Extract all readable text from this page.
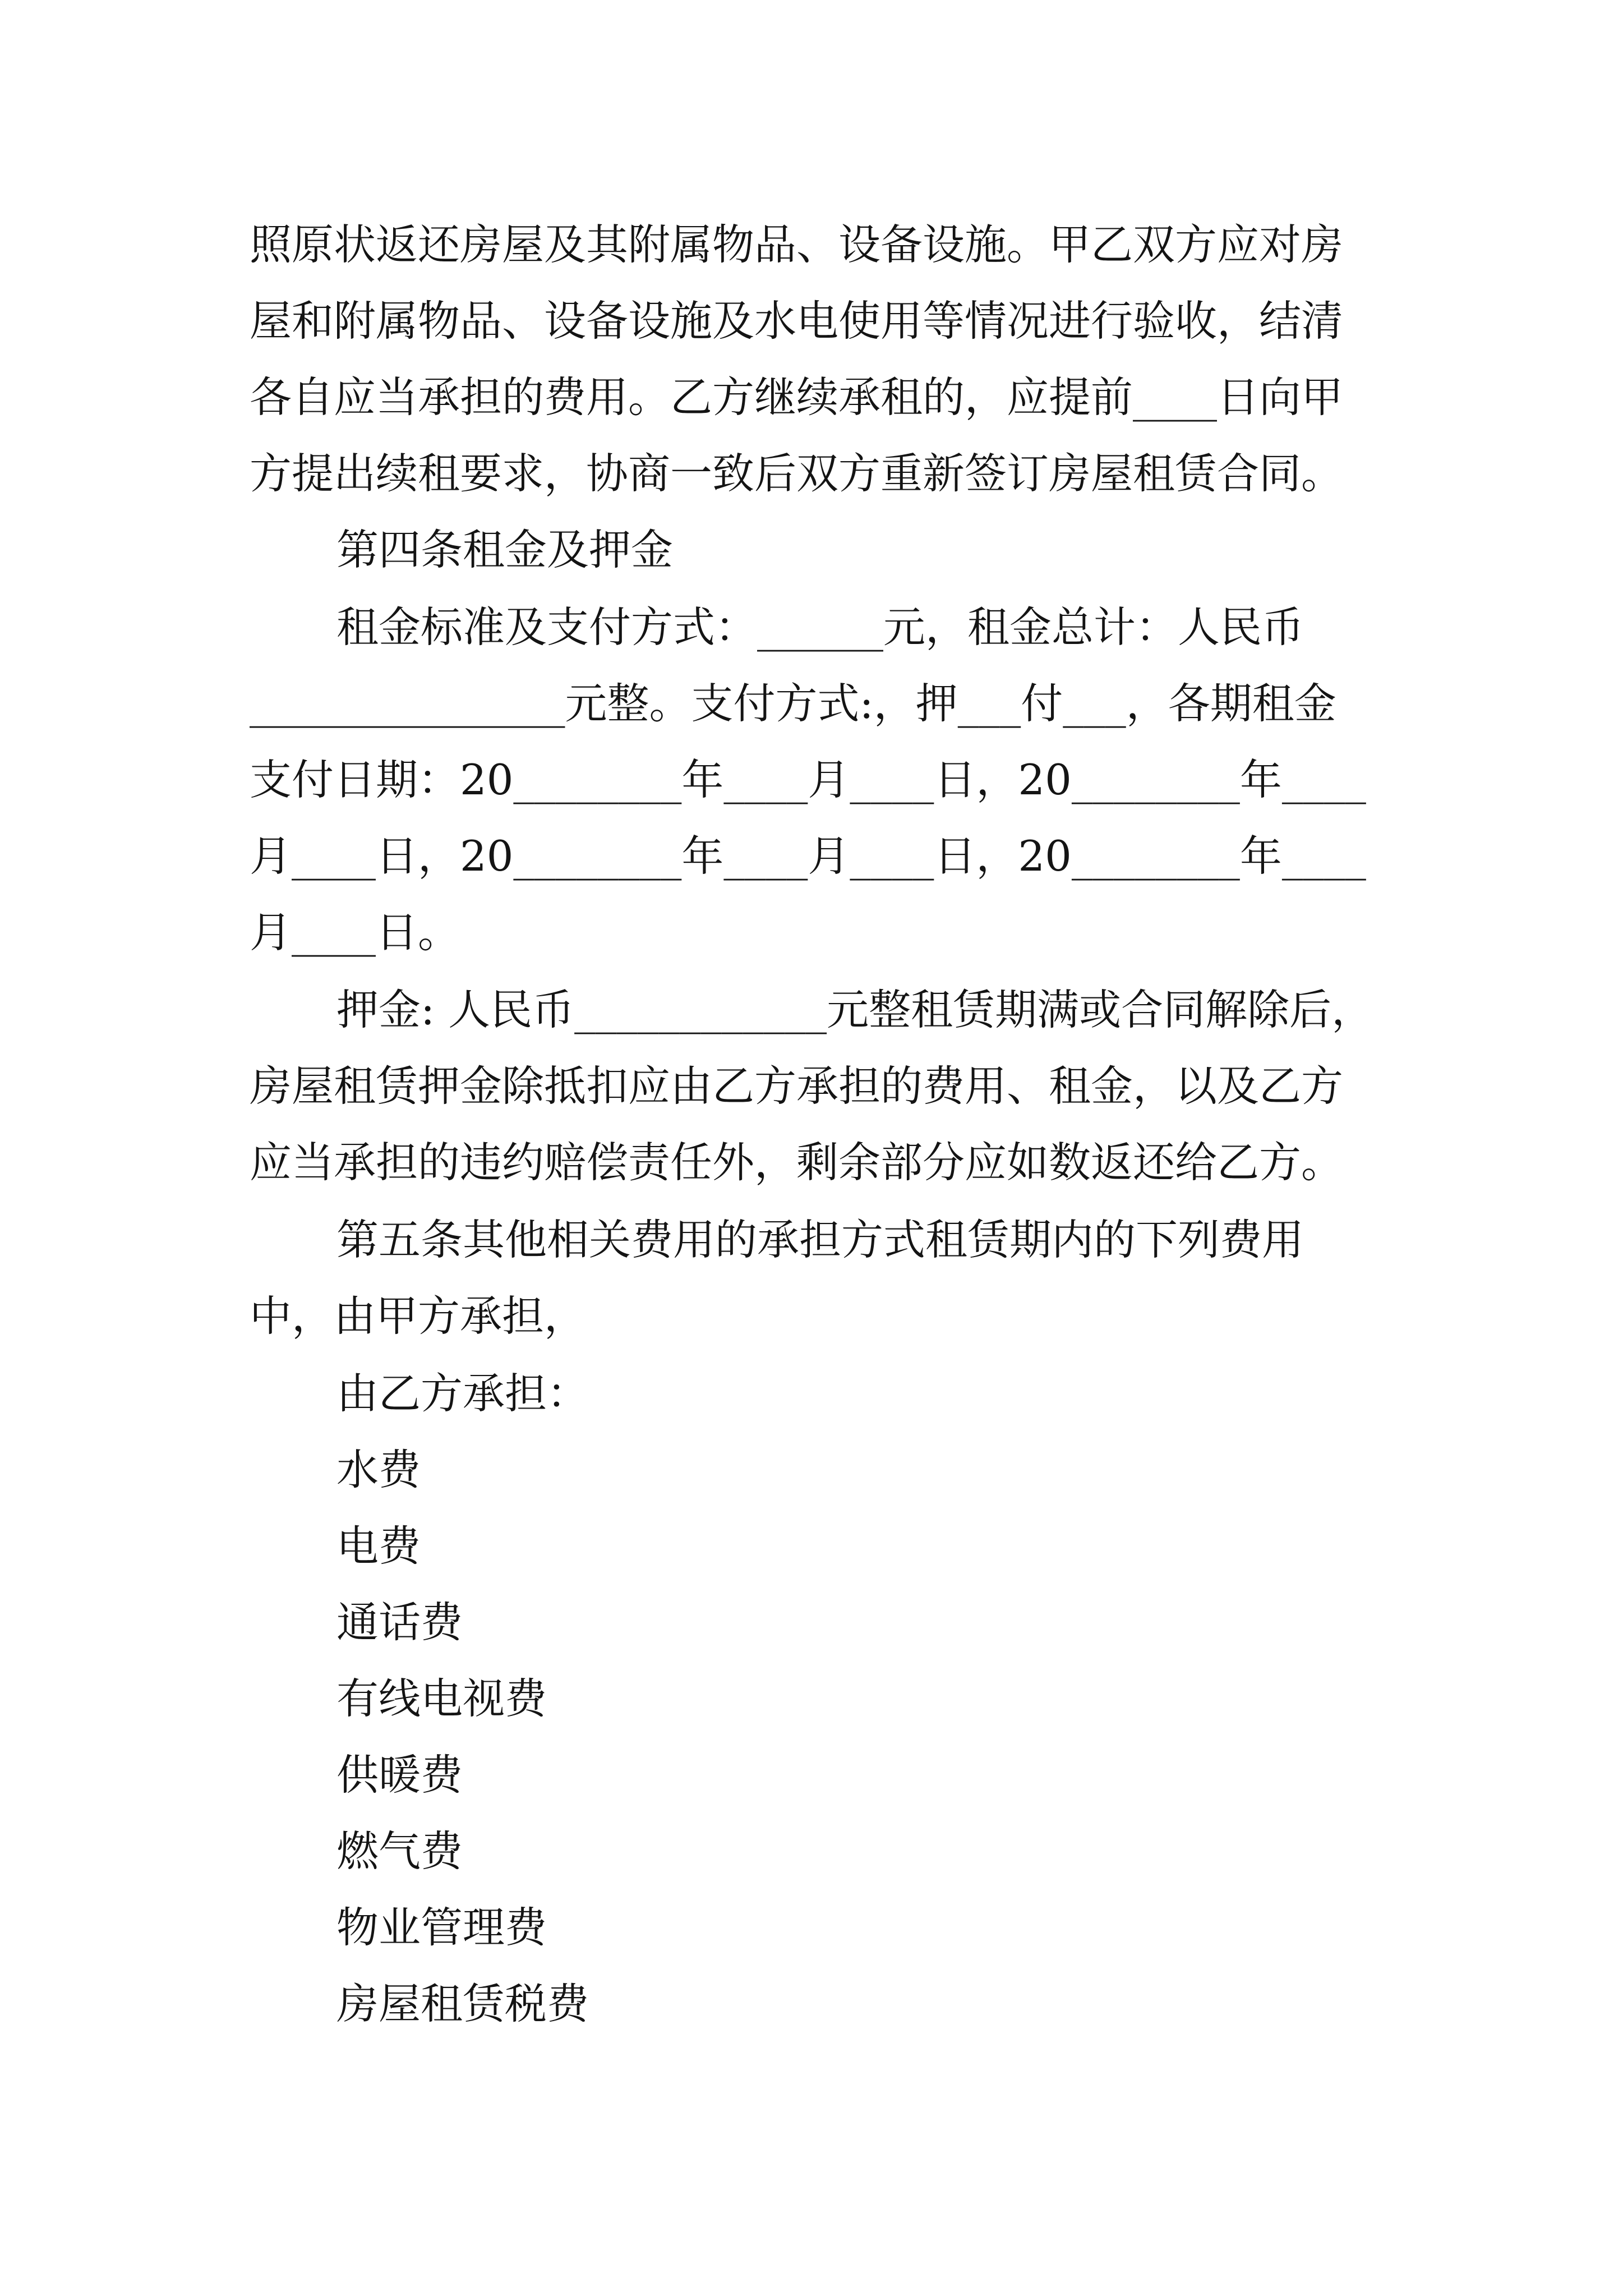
照原状返还房屋及其附属物品、设备设施。甲乙双方应对房
屋和附属物品、设备设施及水电使用等情况进行验收，结清
各自应当承担的费用。乙方继续承租的，应提前____日向甲
方提出续租要求，协商一致后双方重新签订房屋租赁合同。
第四条租金及押金
租金标准及支付方式：______元，租金总计：人民币
_______________元整。支付方式:，押___付___，各期租金
支付日期：20________年____月____日，20________年____
月____日，20________年____月____日，20________年____
月____日。
押金: 人民币____________元整租赁期满或合同解除后，
房屋租赁押金除抵扣应由乙方承担的费用、租金，以及乙方
应当承担的违约赔偿责任外，剩余部分应如数返还给乙方。
第五条其他相关费用的承担方式租赁期内的下列费用
中，由甲方承担，
由乙方承担：
水费
电费
通话费
有线电视费
供暖费
燃气费
物业管理费
房屋租赁税费
